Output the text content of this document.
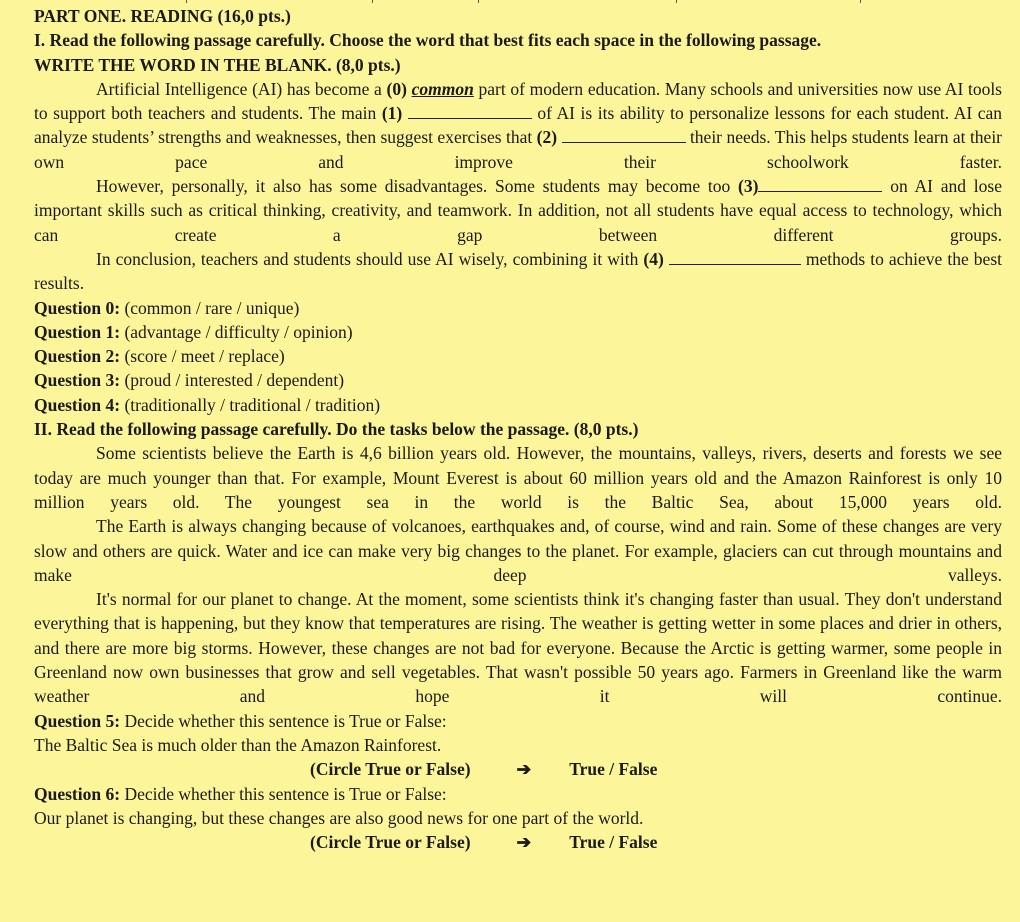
PART ONE. READING (16,0 pts.)
I. Read the following passage carefully. Choose the word that best fits each space in the following passage.
WRITE THE WORD IN THE BLANK. (8,0 pts.)
Artificial Intelligence (AI) has become a (0) common part of modern education. Many schools and universities now use AI tools to support both teachers and students. The main (1)	of AI is its ability to personalize lessons for each student. AI can analyze students’ strengths and weaknesses, then suggest exercises that (2)	their needs. This helps students learn at their own pace and improve their schoolwork faster.
However, personally, it also has some disadvantages. Some students may become too (3)	on AI and lose important skills such as critical thinking, creativity, and teamwork. In addition, not all students have equal access to technology, which can create a gap between different groups.
In conclusion, teachers and students should use AI wisely, combining it with (4)	methods to achieve the best results.
Question 0: (common / rare / unique)
Question 1: (advantage / difficulty / opinion)
Question 2: (score / meet / replace)
Question 3: (proud / interested / dependent)
Question 4: (traditionally / traditional / tradition)
II. Read the following passage carefully. Do the tasks below the passage. (8,0 pts.)
Some scientists believe the Earth is 4,6 billion years old. However, the mountains, valleys, rivers, deserts and forests we see today are much younger than that. For example, Mount Everest is about 60 million years old and the Amazon Rainforest is only 10 million years old. The youngest sea in the world is the Baltic Sea, about 15,000 years old.
The Earth is always changing because of volcanoes, earthquakes and, of course, wind and rain. Some of these changes are very slow and others are quick. Water and ice can make very big changes to the planet. For example, glaciers can cut through mountains and make deep valleys.
It's normal for our planet to change. At the moment, some scientists think it's changing faster than usual. They don't understand everything that is happening, but they know that temperatures are rising. The weather is getting wetter in some places and drier in others, and there are more big storms. However, these changes are not bad for everyone. Because the Arctic is getting warmer, some people in Greenland now own businesses that grow and sell vegetables. That wasn't possible 50 years ago. Farmers in Greenland like the warm weather and hope it will continue.
Question 5: Decide whether this sentence is True or False:
The Baltic Sea is much older than the Amazon Rainforest.
(Circle True or False)	➔ True / False
Question 6: Decide whether this sentence is True or False:
Our planet is changing, but these changes are also good news for one part of the world.
(Circle True or False)	➔ True / False
